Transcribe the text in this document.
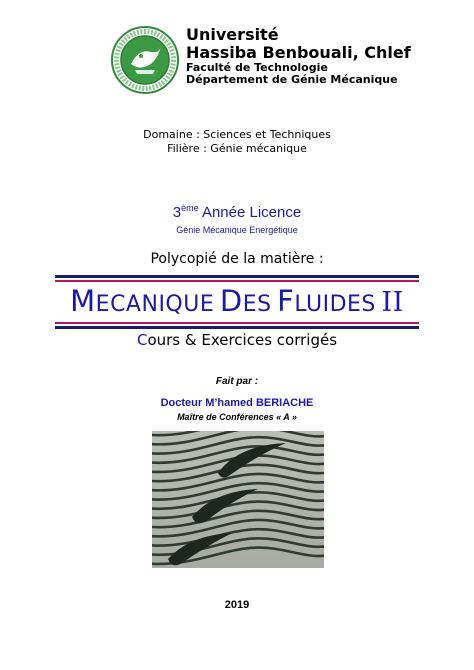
Université
Hassiba Benbouali, Chlef
Faculté de Technologie
Département de Génie Mécanique
Domaine : Sciences et Techniques
Filière : Génie mécanique
3ème Année Licence
Génie Mécanique Energétique
Polycopié de la matière :
MECANIQUE DES FLUIDES II
Cours & Exercices corrigés
Fait par :
Docteur M’hamed BERIACHE
Maître de Conférences « A »
2019
